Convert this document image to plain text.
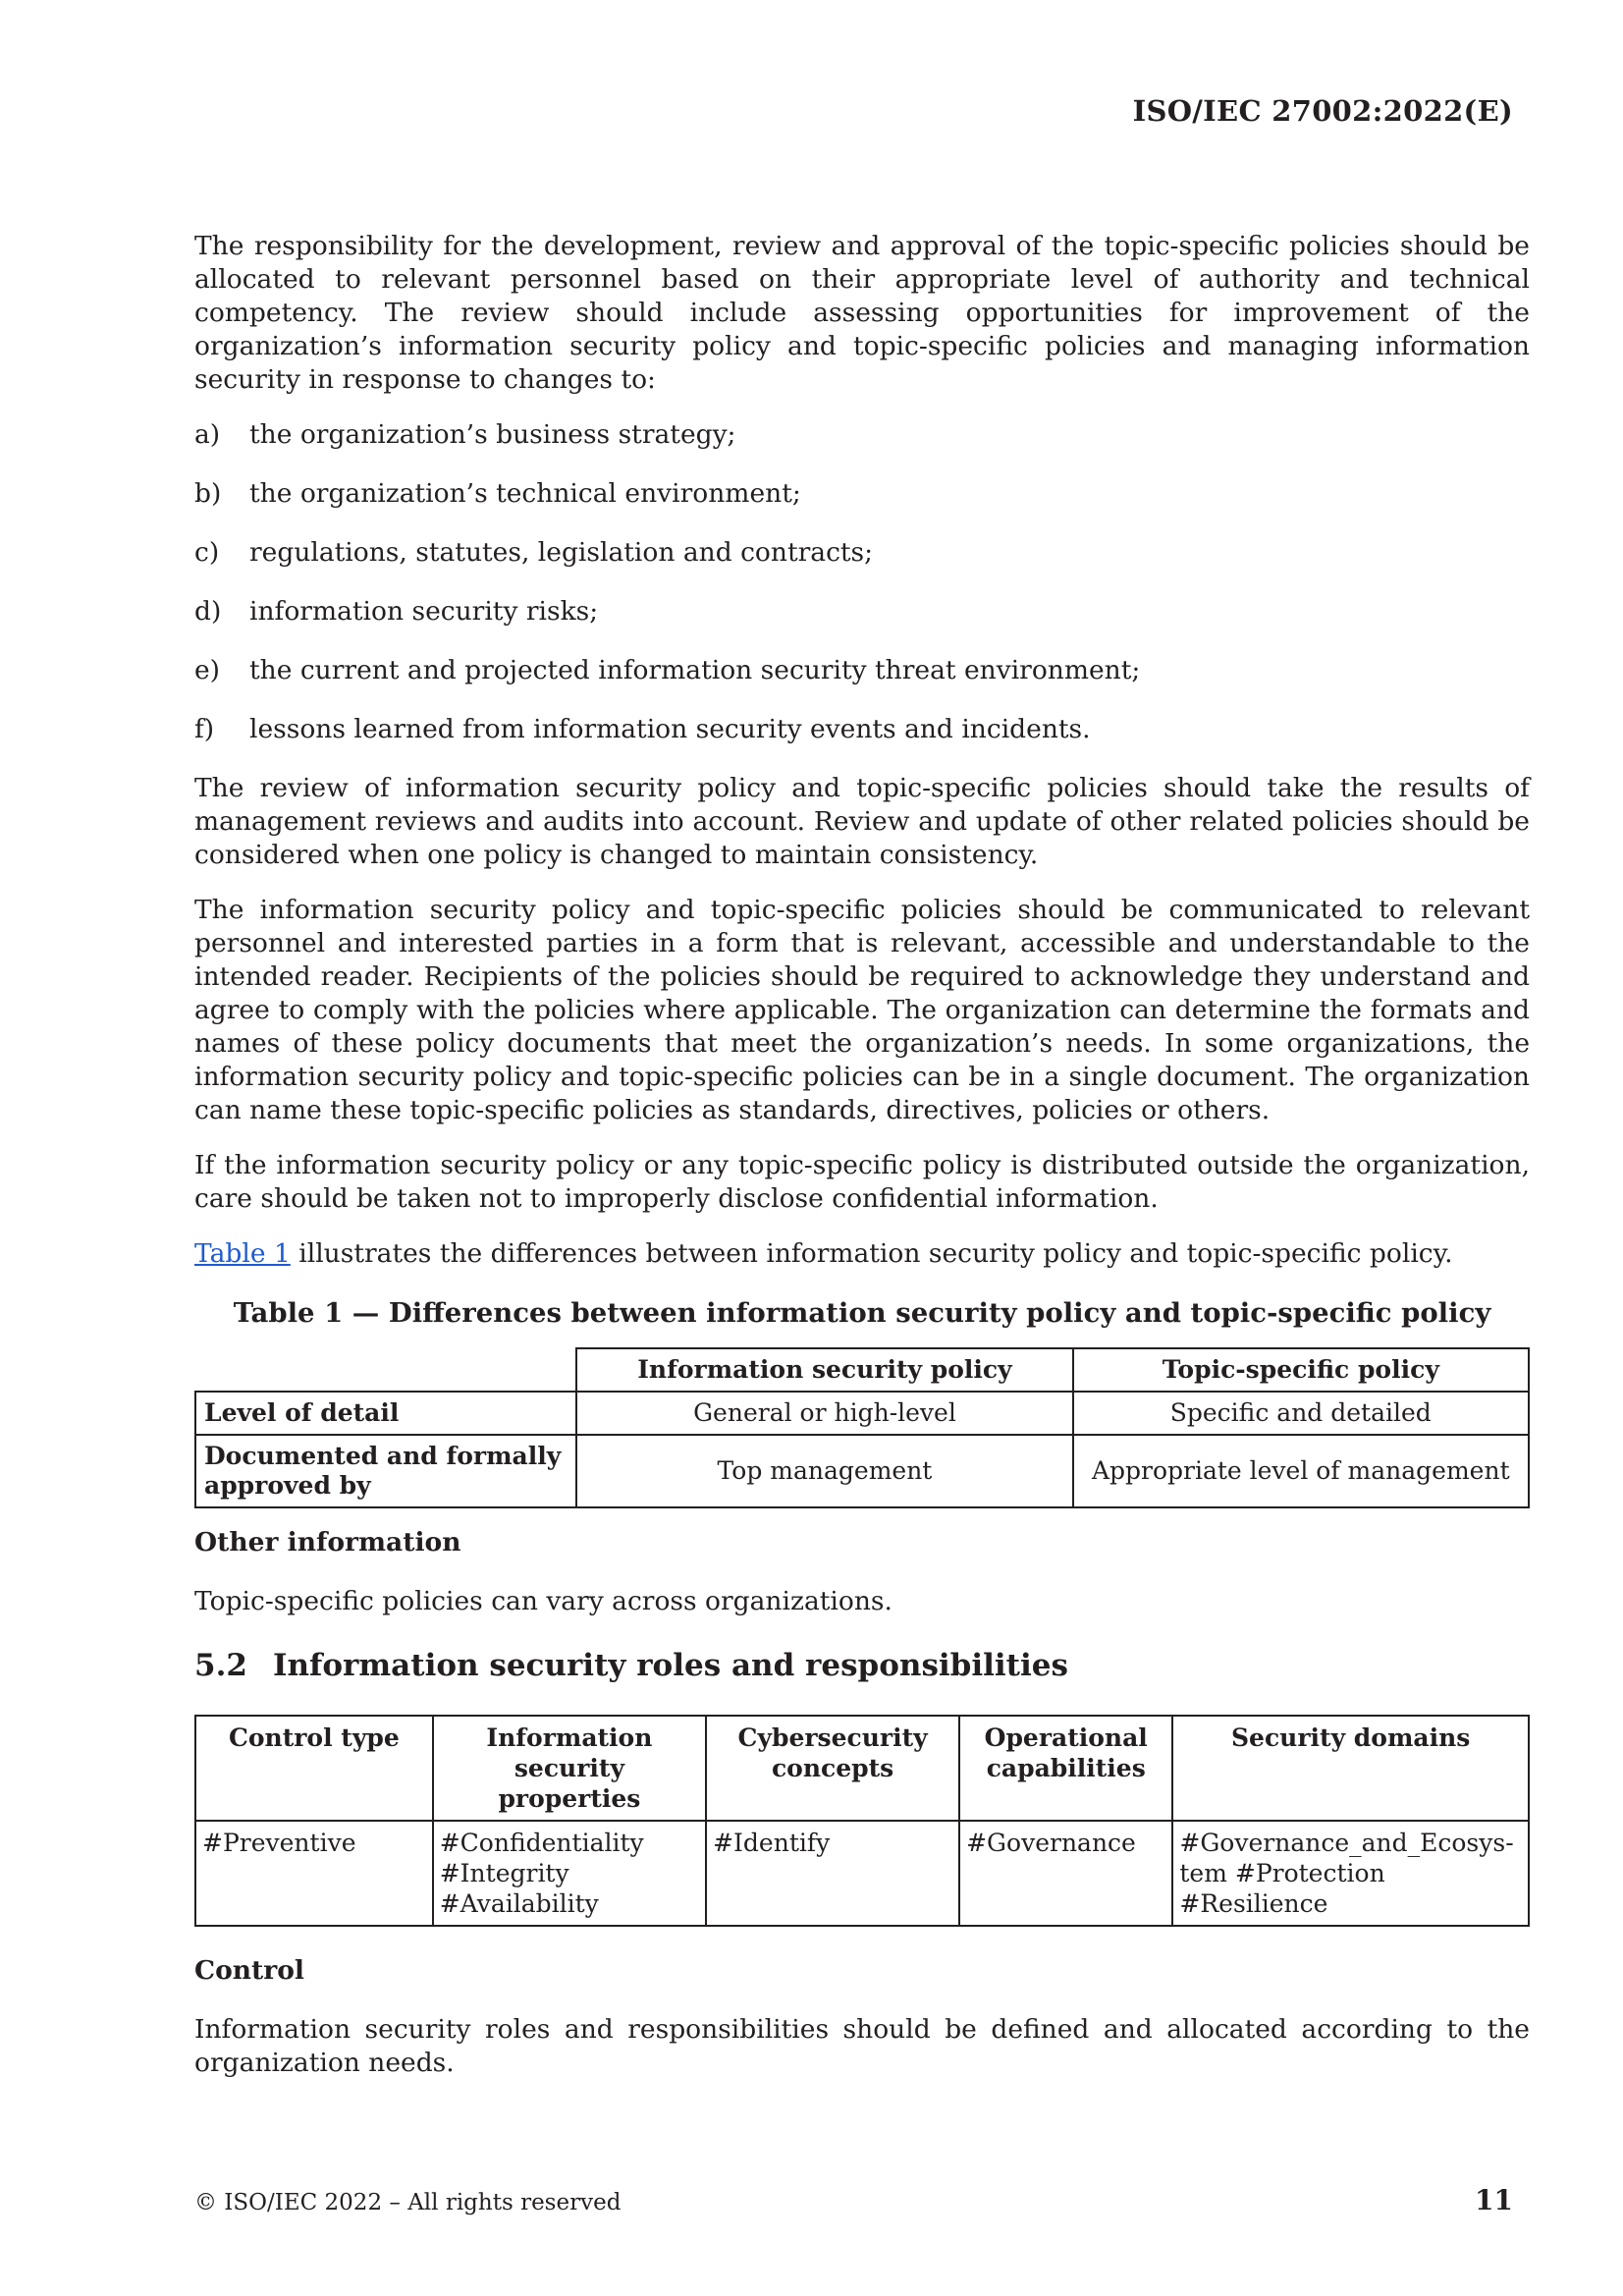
ISO/IEC 27002:2022(E)

The responsibility for the development, review and approval of the topic-specific policies should be allocated to relevant personnel based on their appropriate level of authority and technical competency. The review should include assessing opportunities for improvement of the organization’s information security policy and topic-specific policies and managing information security in response to changes to:

a)	the organization’s business strategy;
b)	the organization’s technical environment;
c)	regulations, statutes, legislation and contracts;
d)	information security risks;
e)	the current and projected information security threat environment;
f)	lessons learned from information security events and incidents.

The review of information security policy and topic-specific policies should take the results of management reviews and audits into account. Review and update of other related policies should be considered when one policy is changed to maintain consistency.

The information security policy and topic-specific policies should be communicated to relevant personnel and interested parties in a form that is relevant, accessible and understandable to the intended reader. Recipients of the policies should be required to acknowledge they understand and agree to comply with the policies where applicable. The organization can determine the formats and names of these policy documents that meet the organization’s needs. In some organizations, the information security policy and topic-specific policies can be in a single document. The organization can name these topic-specific policies as standards, directives, policies or others.

If the information security policy or any topic-specific policy is distributed outside the organization, care should be taken not to improperly disclose confidential information.

Table 1 illustrates the differences between information security policy and topic-specific policy.

Table 1 — Differences between information security policy and topic-specific policy
	Information security policy	Topic-specific policy
Level of detail	General or high-level	Specific and detailed
Documented and formally approved by	Top management	Appropriate level of management
Other information

Topic-specific policies can vary across organizations.

5.2 Information security roles and responsibilities
Control type	Information security properties	Cybersecurity concepts	Operational capabilities	Security domains
#Preventive	#Confidentiality #Integrity #Availability	#Identify	#Governance	#Governance_and_Ecosystem #Protection #Resilience
Control

Information security roles and responsibilities should be defined and allocated according to the organization needs.

© ISO/IEC 2022 – All rights reserved	11
